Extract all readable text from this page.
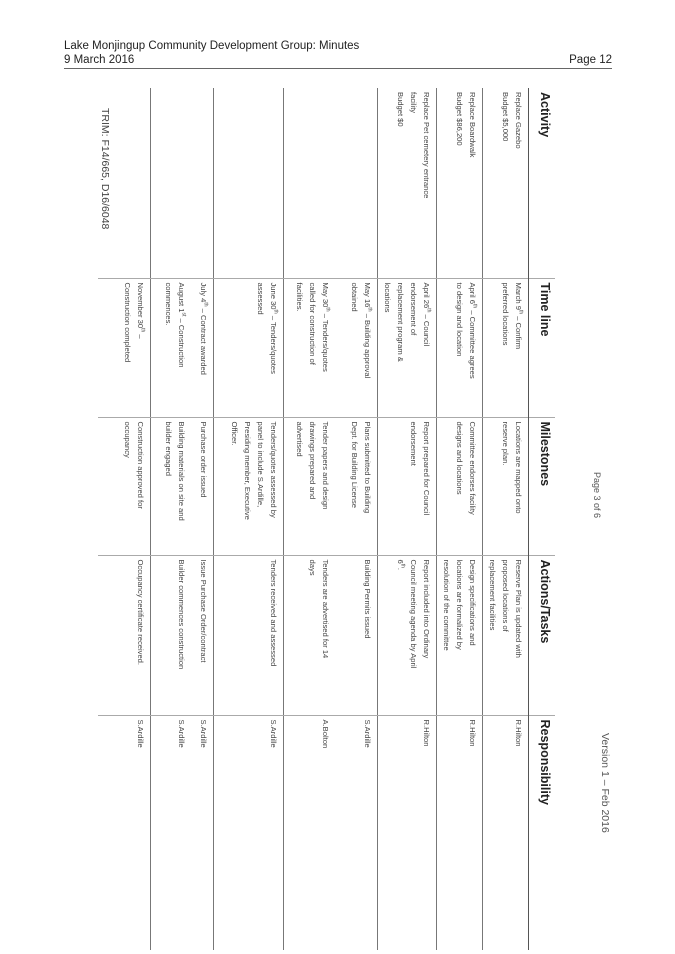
Lake Monjingup Community Development Group: Minutes
9 March 2016	Page 12
Page 3 of 6
Version 1 – Feb 2016
Activity	Time line	Milestones	Actions/Tasks	Responsibility
Replace Gazebo
Budget $5,000	March 9th – Confirm
preferred locations	Locations are mapped onto
reserve plan.	Reserve Plan is updated with
proposed locations of
replacement facilities	R.Hilton
Replace Boardwalk
Budget $86,200	April 6th – Committee agrees
to design and location	Committee endorses facility
designs and locations	Design specifications and
locations are formalized by
resolution of the committee	R.Hilton
Replace Pet cemetery entrance
facility
Budget $0	April 26th – Council
endorsement of
replacement program &
locations	Report prepared for Council
endorsement	Report included into Ordinary
Council meeting agenda by April
6th.	R.Hilton
	May 16th – Building approval
obtained	Plans submitted to Building
Dept. for Building License	Building Permits issued	S.Ardille
	May 30th – Tenders/quotes
called for construction of
facilities.	Tender papers and design
drawings prepared and
advertised	Tenders are advertised for 14
days	A.Bolton
	June 30th – Tenders/quotes
assessed	Tenders/quotes assessed by
panel to include S.Ardille,
Presiding member, Executive
Officer.	Tenders received and assessed	S.Ardille
	July 4th – Contract awarded	Purchase order issued	Issue Purchase Order/contract	S.Ardille
	August 1st – Construction
commences.	Building materials on site and
builder engaged	Builder commences construction	S.Ardille
	November 30th –
Construction completed	Construction approved for
occupancy	Occupancy certificate received.	S.Ardille
TRIM: F14/665, D16/6048
